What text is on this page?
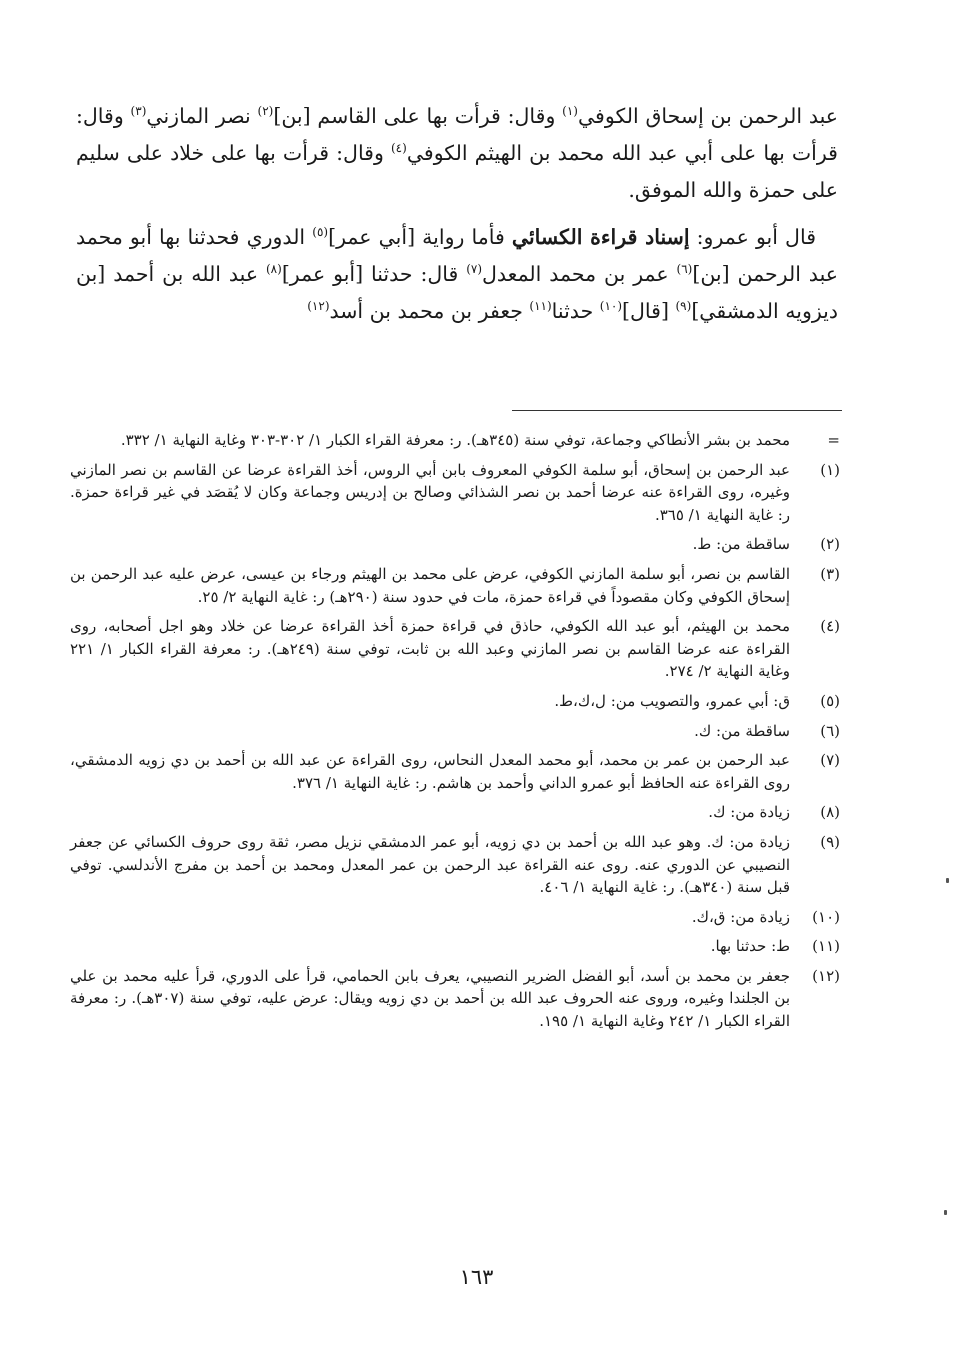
عبد الرحمن بن إسحاق الكوفي$^{(١)}$ وقال: قرأت بها على القاسم [بن]$^{(٢)}$ نصر المازني$^{(٣)}$ وقال: قرأت بها على أبي عبد الله محمد بن الهيثم الكوفي$^{(٤)}$ وقال: قرأت بها على خلاد على سليم على حمزة والله الموفق.

قال أبو عمرو: إسناد قراءة الكسائي فأما رواية [أبي عمر]$^{(٥)}$ الدوري فحدثنا بها أبو محمد عبد الرحمن [بن]$^{(٦)}$ عمر بن محمد المعدل$^{(٧)}$ قال: حدثنا [أبو عمر]$^{(٨)}$ عبد الله بن أحمد [بن ديزويه الدمشقي]$^{(٩)}$ [قال]$^{(١٠)}$ حدثنا$^{(١١)}$ جعفر بن محمد بن أسد$^{(١٢)}$

=
محمد بن بشر الأنطاكي وجماعة، توفي سنة (٣٤٥هـ). ر: معرفة القراء الكبار ١/ ٣٠٢-٣٠٣ وغاية النهاية ١/ ٣٣٢.
(١)
عبد الرحمن بن إسحاق، أبو سلمة الكوفي المعروف بابن أبي الروس، أخذ القراءة عرضا عن القاسم بن نصر المازني وغيره، روى القراءة عنه عرضا أحمد بن نصر الشذائي وصالح بن إدريس وجماعة وكان لا يُقصَد في غير قراءة حمزة. ر: غاية النهاية ١/ ٣٦٥.
(٢)
ساقطة من: ط.
(٣)
القاسم بن نصر، أبو سلمة المازني الكوفي، عرض على محمد بن الهيثم ورجاء بن عيسى، عرض عليه عبد الرحمن بن إسحاق الكوفي وكان مقصوداً في قراءة حمزة، مات في حدود سنة (٢٩٠هـ) ر: غاية النهاية ٢/ ٢٥.
(٤)
محمد بن الهيثم، أبو عبد الله الكوفي، حاذق في قراءة حمزة أخذ القراءة عرضا عن خلاد وهو اجل أصحابه، روى القراءة عنه عرضا القاسم بن نصر المازني وعبد الله بن ثابت، توفي سنة (٢٤٩هـ). ر: معرفة القراء الكبار ١/ ٢٢١ وغاية النهاية ٢/ ٢٧٤.
(٥)
ق: أبي عمرو، والتصويب من: ل،ك،ط.
(٦)
ساقطة من: ك.
(٧)
عبد الرحمن بن عمر بن محمد، أبو محمد المعدل النحاس، روى القراءة عن عبد الله بن أحمد بن دي زويه الدمشقي، روى القراءة عنه الحافظ أبو عمرو الداني وأحمد بن هاشم. ر: غاية النهاية ١/ ٣٧٦.
(٨)
زيادة من: ك.
(٩)
زيادة من: ك. وهو عبد الله بن أحمد بن دي زويه، أبو عمر الدمشقي نزيل مصر، ثقة روى حروف الكسائي عن جعفر النصيبي عن الدوري عنه. روى عنه القراءة عبد الرحمن بن عمر المعدل ومحمد بن أحمد بن مفرج الأندلسي. توفي قبل سنة (٣٤٠هـ). ر: غاية النهاية ١/ ٤٠٦.
(١٠)
زيادة من: ق،ك.
(١١)
ط: حدثنا بها.
(١٢)
جعفر بن محمد بن أسد، أبو الفضل الضرير النصيبي، يعرف بابن الحمامي، قرأ على الدوري، قرأ عليه محمد بن علي بن الجلندا وغيره، وروى عنه الحروف عبد الله بن أحمد بن دي زويه ويقال: عرض عليه، توفي سنة (٣٠٧هـ). ر: معرفة القراء الكبار ١/ ٢٤٢ وغاية النهاية ١/ ١٩٥.
١٦٣
